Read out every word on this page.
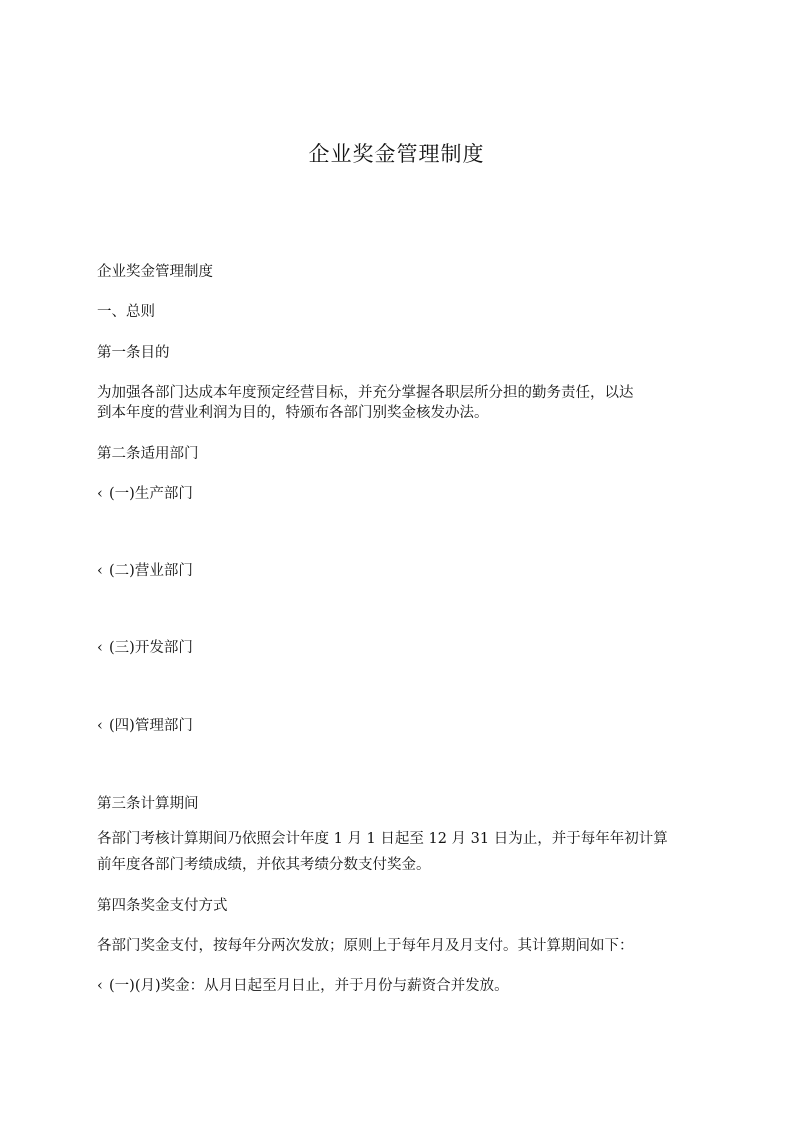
企业奖金管理制度

企业奖金管理制度

一、总则

第一条目的

为加强各部门达成本年度预定经营目标，并充分掌握各职层所分担的勤务责任，以达

到本年度的营业利润为目的，特颁布各部门别奖金核发办法。

第二条适用部门

‹ (一)生产部门

‹ (二)营业部门

‹ (三)开发部门

‹ (四)管理部门

第三条计算期间

各部门考核计算期间乃依照会计年度 1 月 1 日起至 12 月 31 日为止，并于每年年初计算

前年度各部门考绩成绩，并依其考绩分数支付奖金。

第四条奖金支付方式

各部门奖金支付，按每年分两次发放；原则上于每年月及月支付。其计算期间如下：

‹ (一)(月)奖金：从月日起至月日止，并于月份与薪资合并发放。
